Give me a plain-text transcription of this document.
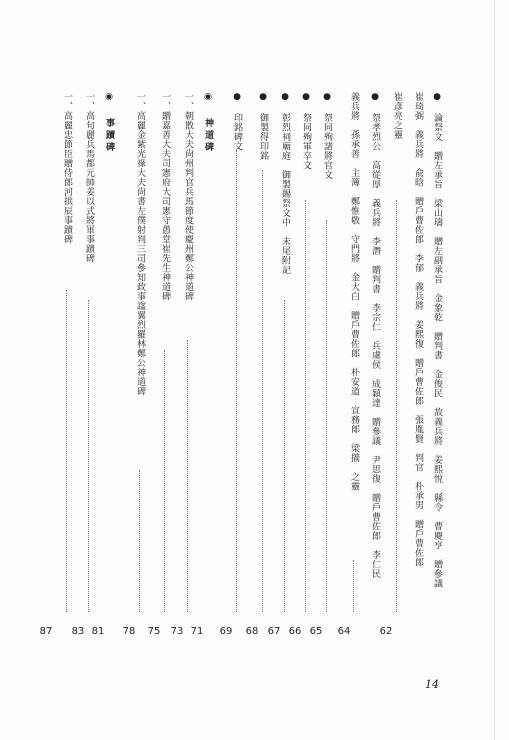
● 論祭文　贈左承旨　梁山璹　贈左副承旨　金象乾　贈判書　金俊民　故義兵將　姜熙悅　縣令　曹慶亨　贈參議
崔琦弼　義兵將　兪晗　贈戶曹佐郎　李郁　義兵將　姜熙復　贈戶曹佐郎　張胤賢　判官　朴承男　贈戶曹佐郎
崔彥亮之靈
● 祭孝烈公　高從厚　義兵將　李潛　贈判書　李宗仁　兵虞侯　成穎達　贈參議　尹思復　贈戶曹佐郎　李仁民
義兵將　孫承善　主簿　鄭惟敬　守門將　金大白　贈戶曹佐郎　朴安道　宣務郞　梁擶　之靈
● 祭同殉諸將官文
● 祭同殉軍卒文
● 彰烈祠廟庭　御製賜祭文中　末尾附記
● 御製得印銘
● 印銘碑文
◉ 神道碑
一、朝散大夫尙州判官兵馬節度使慶州鄭公神道碑
一、贈嘉善大夫司憲府大司憲守愚堂崔先生神道碑
一、高麗金紫光祿大夫尙書左僕射判三司參知政事諡翼烈羅林鄭公神道碑
◉ 事蹟碑
一、高句麗兵馬都元帥姜以式將軍事蹟碑
一、高麗忠節臣贈侍郎河拱辰事蹟碑
62
64
65
66
67
68
69
71
73
75
78
81
83
87
14
